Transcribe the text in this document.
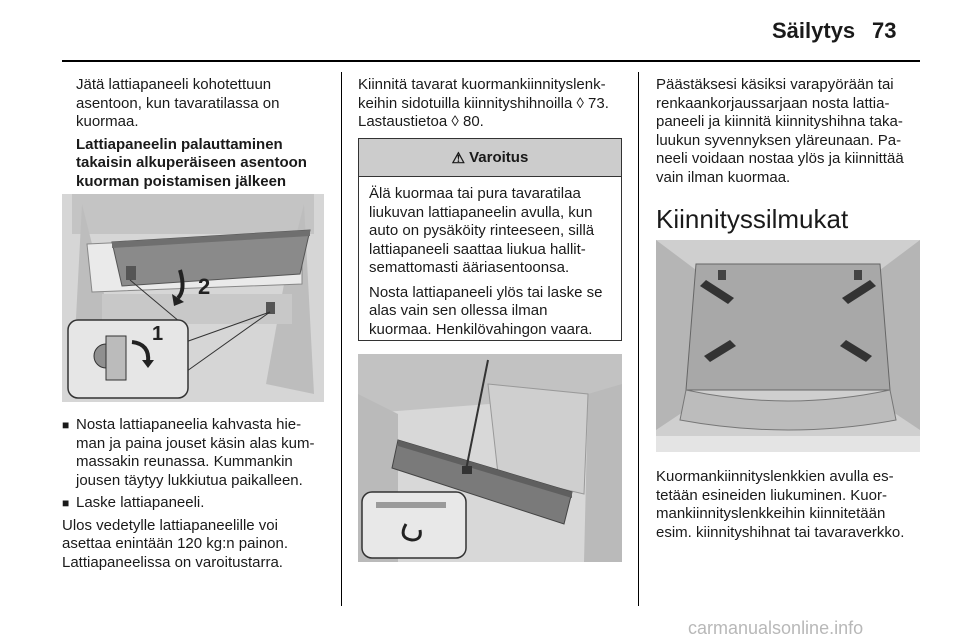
Säilytys 73

Jätä lattiapaneeli kohotettuun asentoon, kun tavaratilassa on kuormaa.

Lattiapaneelin palauttaminen takaisin alkuperäiseen asentoon kuorman poistamisen jälkeen

2
1
■ Nosta lattiapaneelia kahvasta hie-man ja paina jouset käsin alas kum-massakin reunassa. Kummankin jousen täytyy lukkiutua paikalleen.
■ Laske lattiapaneeli.

Ulos vedetylle lattiapaneelille voi asettaa enintään 120 kg:n painon. Lattiapaneelissa on varoitustarra.

Kiinnitä tavarat kuormankiinnityslenk-keihin sidotuilla kiinnityshihnoilla ◊ 73. Lastaustietoa ◊ 80.

⚠ Varoitus

Älä kuormaa tai pura tavaratilaa liukuvan lattiapaneelin avulla, kun auto on pysäköity rinteeseen, sillä lattiapaneeli saattaa liukua hallit-semattomasti ääriasentoonsa.

Nosta lattiapaneeli ylös tai laske se alas vain sen ollessa ilman kuormaa. Henkilövahingon vaara.

Päästäksesi käsiksi varapyörään tai renkaankorjaussarjaan nosta lattia-paneeli ja kiinnitä kiinnityshihna taka-luukun syvennyksen yläreunaan. Pa-neeli voidaan nostaa ylös ja kiinnittää vain ilman kuormaa.

Kiinnityssilmukat

Kuormankiinnityslenkkien avulla es-tetään esineiden liukuminen. Kuor-mankiinnityslenkkeihin kiinnitetään esim. kiinnityshihnat tai tavaraverkko.

carmanualsonline.info
